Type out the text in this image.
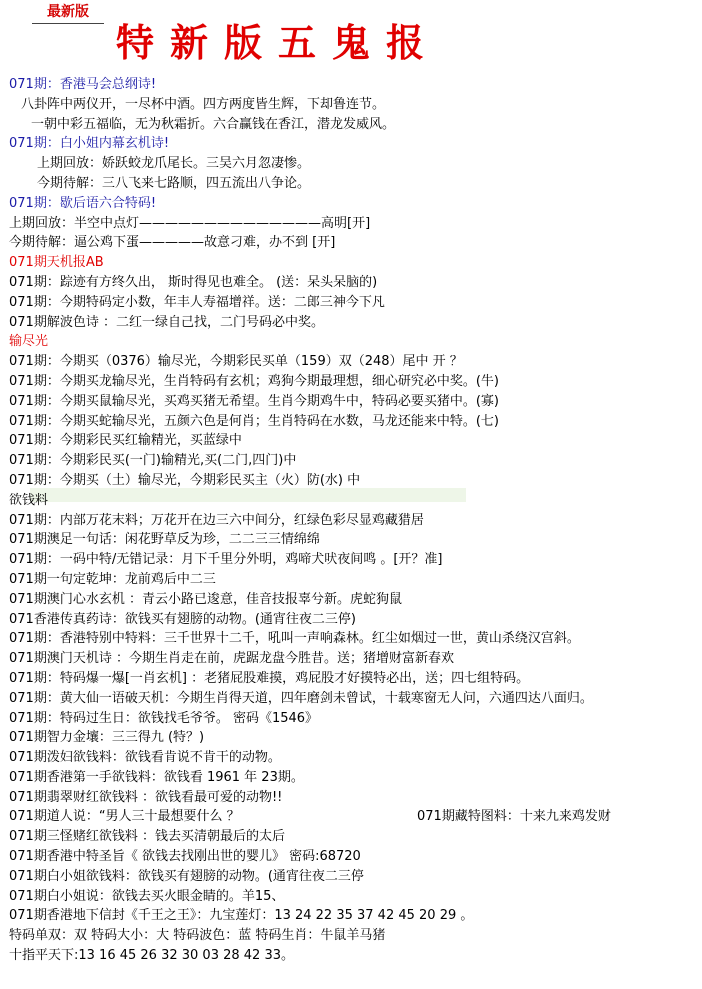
最新版
特新版五鬼报
071期：香港马会总纲诗!
八卦阵中两仪开，一尽杯中酒。四方两度皆生辉，下却鲁连节。
一朝中彩五福临，无为秋霜折。六合赢钱在香江，潜龙发威风。
071期：白小姐内幕玄机诗!
上期回放：娇跃蛟龙爪尾长。三吴六月忽凄惨。
今期待解：三八飞来七路顺，四五流出八争论。
071期：歇后语六合特码!
上期回放：半空中点灯——————————————高明[开]
今期待解：逼公鸡下蛋—————故意刁难，办不到 [开]
071期天机报AB
071期：踪迹有方终久出， 斯时得见也难全。 (送：呆头呆脑的)
071期：今期特码定小数，年丰人寿福增祥。送：二郎三神今下凡
071期解波色诗 ：二红一绿自己找，二门号码必中奖。
输尽光
071期：今期买（0376）输尽光，今期彩民买单（159）双（248）尾中 开 ？
071期：今期买龙输尽光，生肖特码有玄机；鸡狗今期最理想，细心研究必中奖。(牛)
071期：今期买鼠输尽光，买鸡买猪无希望。生肖今期鸡牛中，特码必要买猪中。(寡)
071期：今期买蛇输尽光，五颜六色是何肖；生肖特码在水数，马龙还能来中特。(七)
071期：今期彩民买红输精光，买蓝绿中
071期：今期彩民买(一门)输精光,买(二门,四门)中
071期：今期买（土）输尽光，今期彩民买主（火）防(水) 中
欲钱料
071期：内部万花末料；万花开在边三六中间分，红绿色彩尽显鸡藏猎居
071期澳足一句话：闲花野草反为珍，二二三三情绵绵
071期：一码中特/无错记录：月下千里分外明，鸡啼犬吠夜间鸣 。[开？准]
071期一句定乾坤：龙前鸡后中二三
071期澳门心水玄机 ：青云小路已逡意，佳音技报辜兮新。虎蛇狗鼠
071香港传真药诗：欲钱买有翅膀的动物。(通宵往夜二三停)
071期：香港特别中特料：三千世界十二千，吼叫一声响森林。红尘如烟过一世，黄山杀绕汉宫斜。
071期澳门天机诗 ：今期生肖走在前，虎踞龙盘今胜昔。送；猪增财富新春欢
071期：特码爆一爆[一肖玄机] ：老猪屁股难摸，鸡屁股才好摸特必出，送；四七组特码。
071期：黄大仙一语破天机：今期生肖得天道，四年磨剑未曾试，十载寒窗无人问，六通四达八面归。
071期：特码过生日：欲钱找毛爷爷。 密码《1546》
071期智力金壤：三三得九 (特？)
071期泼妇欲钱料：欲钱看肯说不肯干的动物。
071期香港第一手欲钱料：欲钱看 1961 年 23期。
071期翡翠财红欲钱料 ：欲钱看最可爱的动物!!
071期道人说：“男人三十最想要什么 ？	071期藏特图料：十来九来鸡发财
071期三怪赌红欲钱料 ：钱去买清朝最后的太后
071期香港中特圣旨《 欲钱去找刚出世的婴儿》 密码:68720
071期白小姐欲钱料：欲钱买有翅膀的动物。(通宵往夜二三停
071期白小姐说：欲钱去买火眼金睛的。羊15、
071期香港地下信封《千王之王》：九宝莲灯：13 24 22 35 37 42 45 20 29 。
特码单双：双 特码大小：大 特码波色：蓝 特码生肖：牛鼠羊马猪
十指平天下:13 16 45 26 32 30 03 28 42 33。
